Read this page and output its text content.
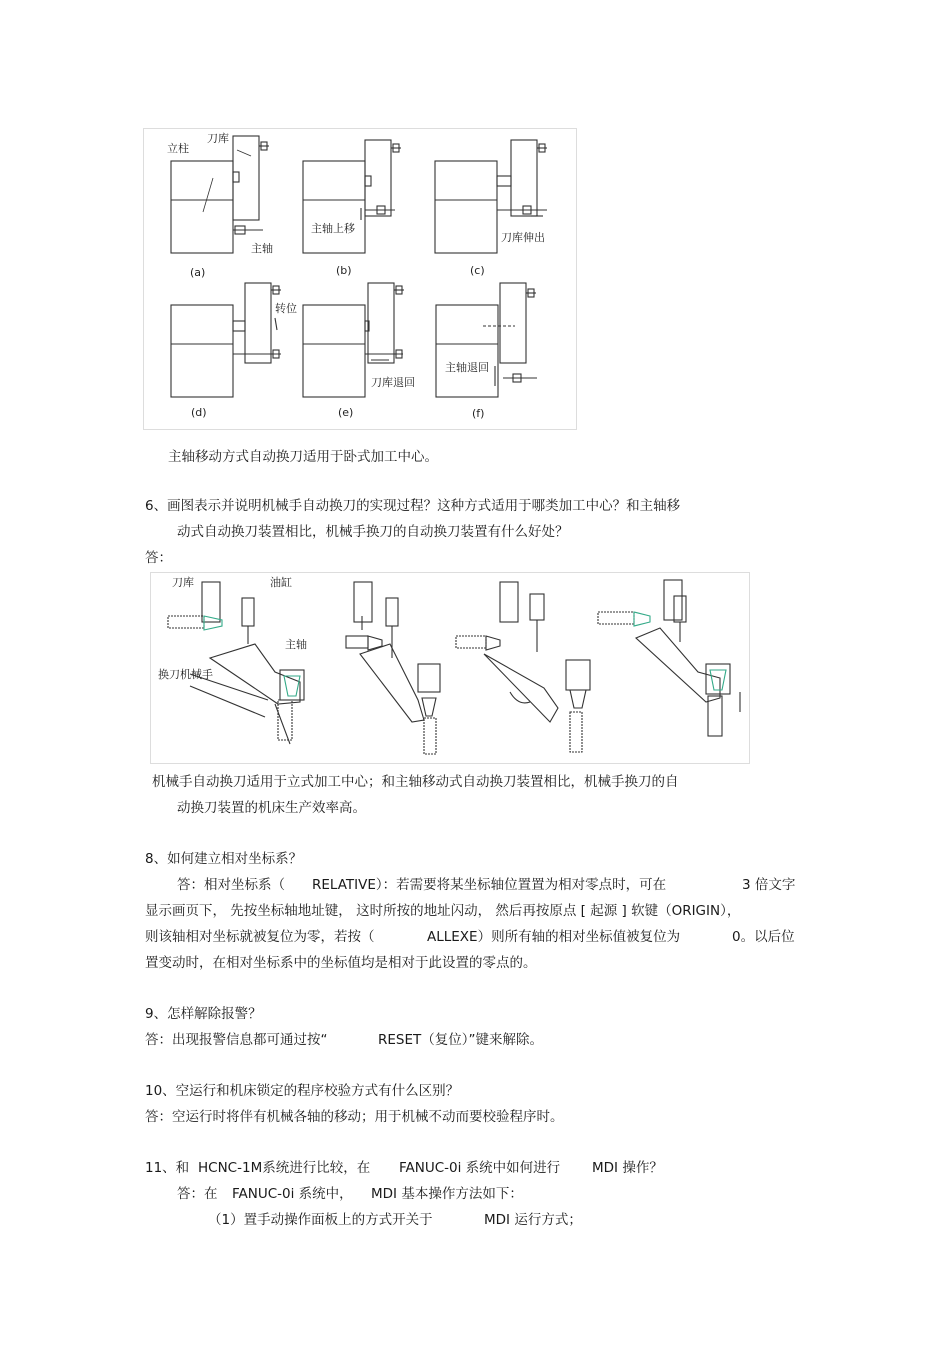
立柱
刀库
主轴
主轴上移
刀库伸出
转位
刀库退回
主轴退回
(a)	(b)	(c)
(d)	(e)	(f)
主轴移动方式自动换刀适用于卧式加工中心。
6、画图表示并说明机械手自动换刀的实现过程？这种方式适用于哪类加工中心？和主轴移
动式自动换刀装置相比，机械手换刀的自动换刀装置有什么好处？
答：
刀库	油缸
主轴
换刀机械手
机械手自动换刀适用于立式加工中心；和主轴移动式自动换刀装置相比，机械手换刀的自
动换刀装置的机床生产效率高。
8、如何建立相对坐标系？
答：相对坐标系（ RELATIVE）：若需要将某坐标轴位置置为相对零点时，可在	3 倍文字
显示画页下， 先按坐标轴地址键， 这时所按的地址闪动， 然后再按原点 [ 起源 ] 软键（ORIGIN），
则该轴相对坐标就被复位为零，若按（	ALLEXE）则所有轴的相对坐标值被复位为	0。以后位
置变动时，在相对坐标系中的坐标值均是相对于此设置的零点的。
9、怎样解除报警？
答：出现报警信息都可通过按“	RESET（复位）”键来解除。
10、空运行和机床锁定的程序校验方式有什么区别？
答：空运行时将伴有机械各轴的移动；用于机械不动而要校验程序时。
11、和 HCNC-1M系统进行比较，在 FANUC-0i 系统中如何进行 MDI 操作？
答：在 FANUC-0i 系统中， MDI 基本操作方法如下：
（1）置手动操作面板上的方式开关于	MDI 运行方式；
